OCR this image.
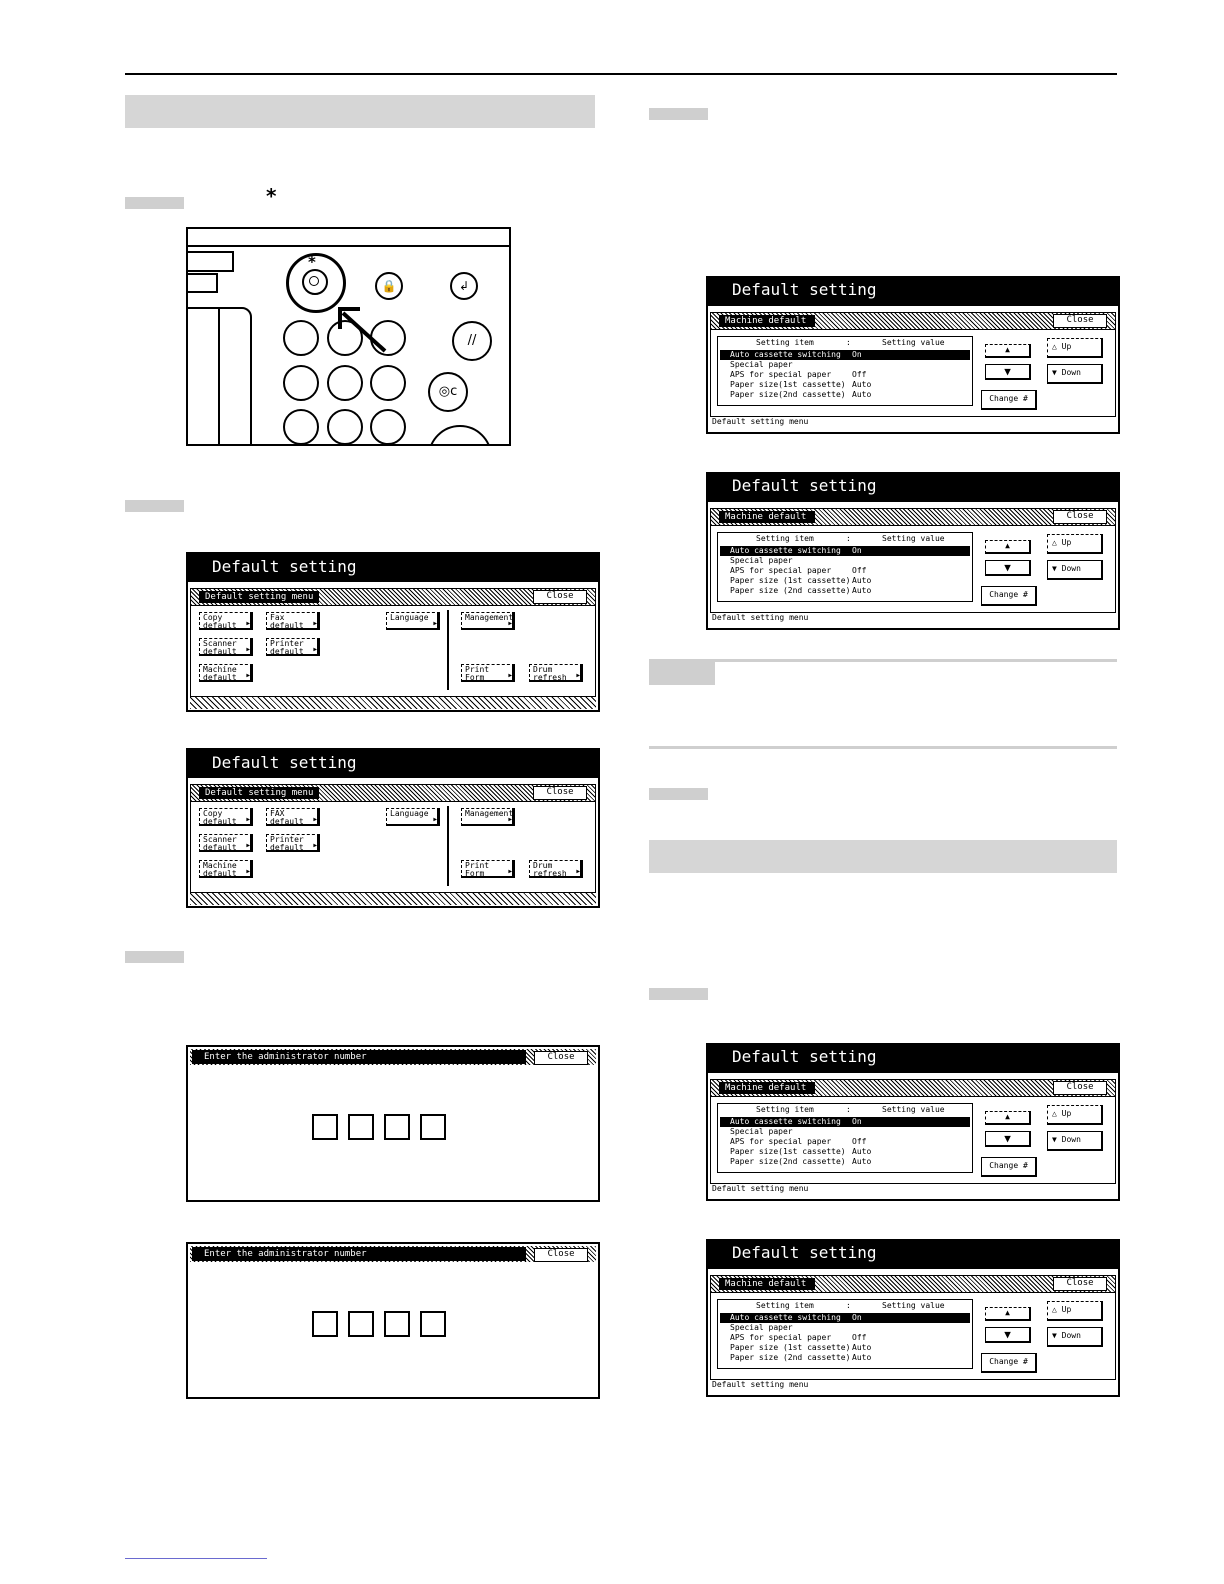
*
*
🔒	↲
//
◎c
Default setting
Default setting menu	Close
Copy default ▶
Fax default ▶
Language ▶	Management ▶
Scanner default ▶
Printer default ▶
Machine default ▶
Print Form ▶
Drum refresh ▶
Default setting
Default setting menu	Close
Copy default ▶
FAX default ▶
Language ▶	Management ▶
Scanner default ▶
Printer default ▶
Machine default ▶
Print Form ▶
Drum refresh ▶
Enter the administrator number	Close
Enter the administrator number	Close
Default setting
Machine default	Close
Setting item	:	Setting value
Auto cassette switching On
Special paper
APS for special paper	Off
Paper size(1st cassette) Auto
Paper size(2nd cassette) Auto
▲
▼
△ Up
▼ Down
Change #
Default setting menu
Default setting
Machine default	Close
Setting item	:	Setting value
Auto cassette switching On
Special paper
APS for special paper	Off
Paper size (1st cassette) Auto
Paper size (2nd cassette) Auto
▲
▼
△ Up
▼ Down
Change #
Default setting menu
Default setting
Machine default	Close
Setting item	:	Setting value
Auto cassette switching On
Special paper
APS for special paper	Off
Paper size(1st cassette) Auto
Paper size(2nd cassette) Auto
▲
▼
△ Up
▼ Down
Change #
Default setting menu
Default setting
Machine default	Close
Setting item	:	Setting value
Auto cassette switching On
Special paper
APS for special paper	Off
Paper size (1st cassette) Auto
Paper size (2nd cassette) Auto
▲
▼
△ Up
▼ Down
Change #
Default setting menu
